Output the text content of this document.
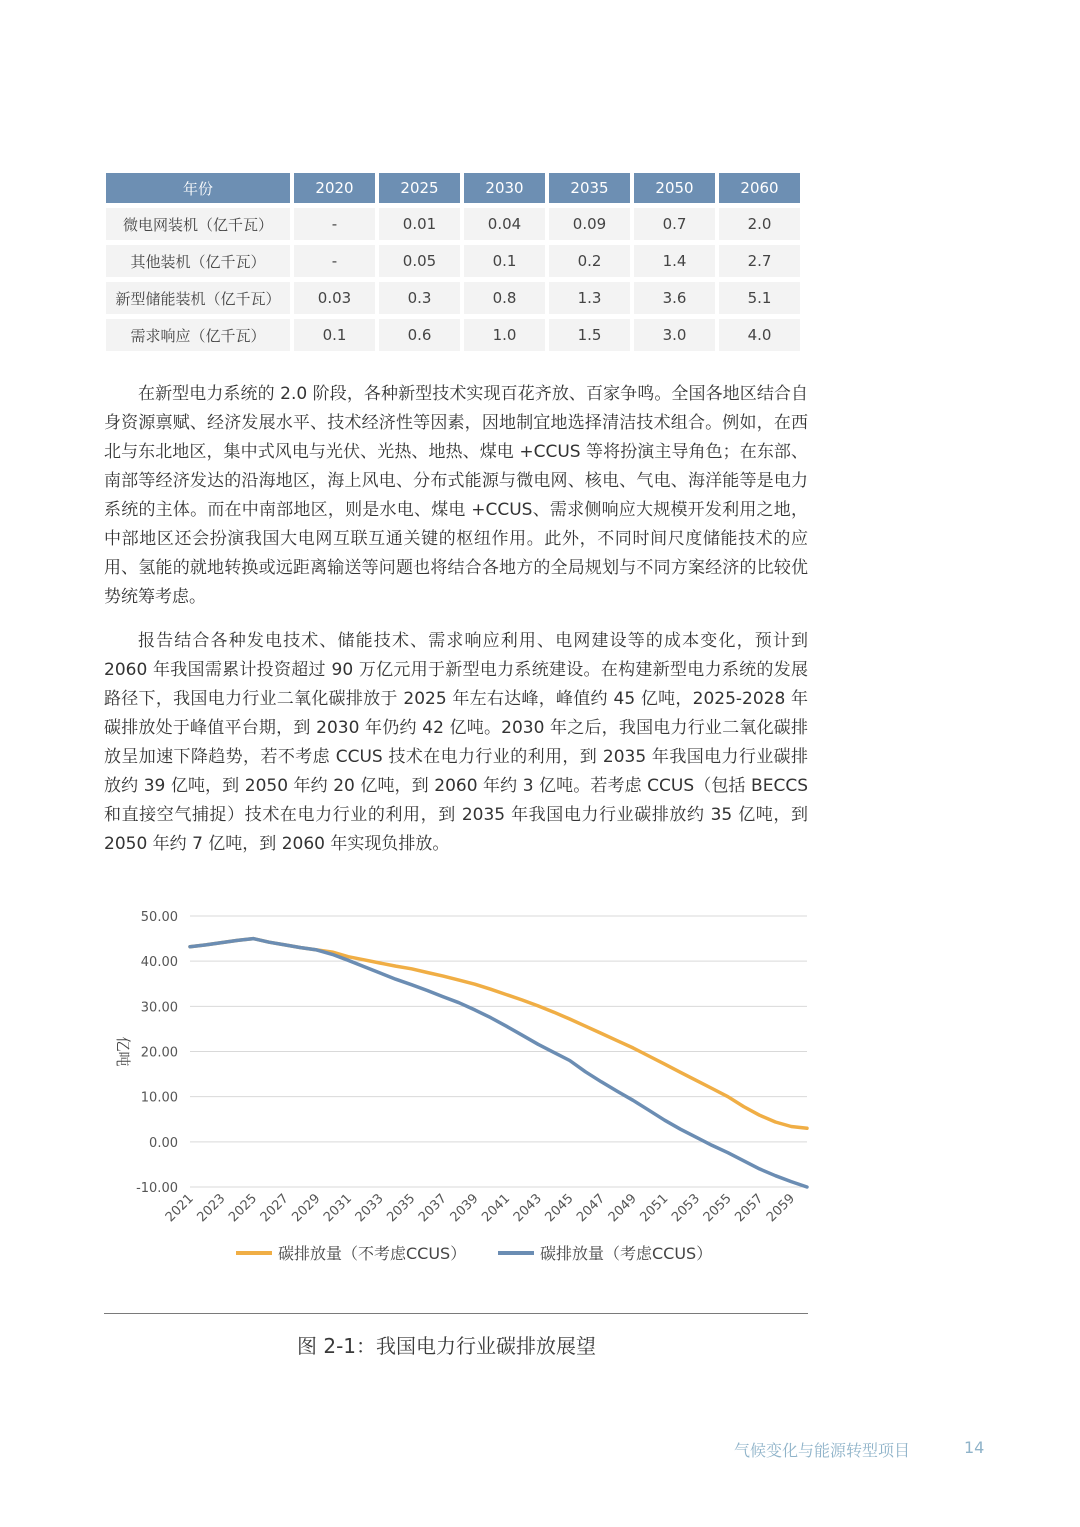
年份	2020	2025	2030	2035	2050	2060
微电网装机（亿千瓦）	-	0.01	0.04	0.09	0.7	2.0
其他装机（亿千瓦）	-	0.05	0.1	0.2	1.4	2.7
新型储能装机（亿千瓦）	0.03	0.3	0.8	1.3	3.6	5.1
需求响应（亿千瓦）	0.1	0.6	1.0	1.5	3.0	4.0

在新型电力系统的 2.0 阶段，各种新型技术实现百花齐放、百家争鸣。全国各地区结合自身资源禀赋、经济发展水平、技术经济性等因素，因地制宜地选择清洁技术组合。例如，在西北与东北地区，集中式风电与光伏、光热、地热、煤电 +CCUS 等将扮演主导角色；在东部、南部等经济发达的沿海地区，海上风电、分布式能源与微电网、核电、气电、海洋能等是电力系统的主体。而在中南部地区，则是水电、煤电 +CCUS、需求侧响应大规模开发利用之地，中部地区还会扮演我国大电网互联互通关键的枢纽作用。此外，不同时间尺度储能技术的应用、氢能的就地转换或远距离输送等问题也将结合各地方的全局规划与不同方案经济的比较优势统筹考虑。

报告结合各种发电技术、储能技术、需求响应利用、电网建设等的成本变化，预计到 2060 年我国需累计投资超过 90 万亿元用于新型电力系统建设。在构建新型电力系统的发展路径下，我国电力行业二氧化碳排放于 2025 年左右达峰，峰值约 45 亿吨，2025-2028 年碳排放处于峰值平台期，到 2030 年仍约 42 亿吨。2030 年之后，我国电力行业二氧化碳排放呈加速下降趋势，若不考虑 CCUS 技术在电力行业的利用，到 2035 年我国电力行业碳排放约 39 亿吨，到 2050 年约 20 亿吨，到 2060 年约 3 亿吨。若考虑 CCUS（包括 BECCS 和直接空气捕捉）技术在电力行业的利用，到 2035 年我国电力行业碳排放约 35 亿吨，到 2050 年约 7 亿吨，到 2060 年实现负排放。

50.00
40.00
30.00
20.00
10.00
0.00
-10.00
亿吨
2021
2023
2025
2027
2029
2031
2033
2035
2037
2039
2041
2043
2045
2047
2049
2051
2053
2055
2057
2059
碳排放量（不考虑CCUS）	碳排放量（考虑CCUS）
图 2-1：我国电力行业碳排放展望
气候变化与能源转型项目	14
